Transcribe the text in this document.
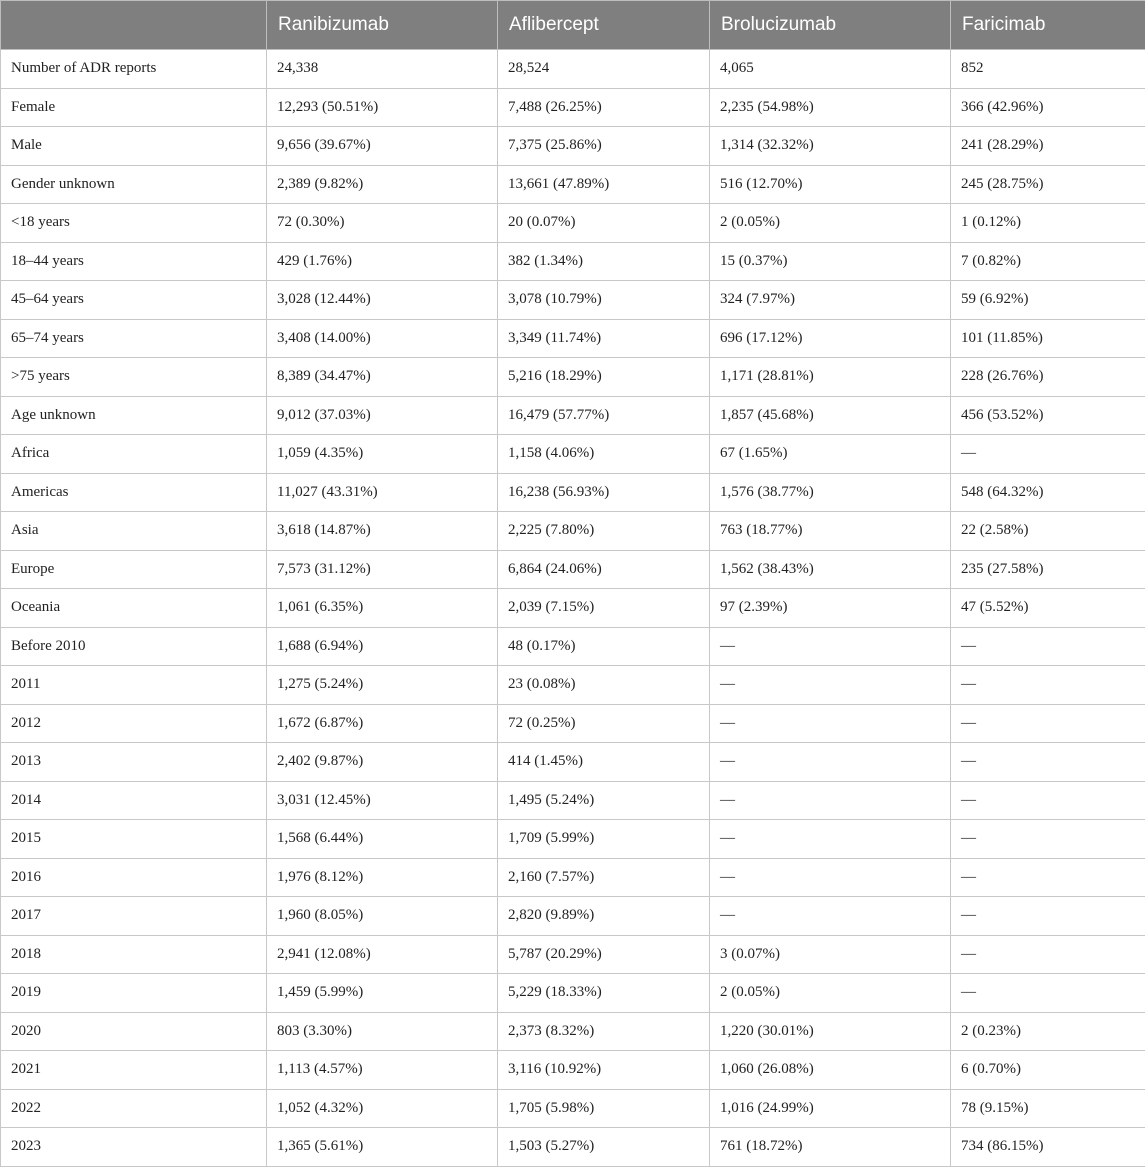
	Ranibizumab	Aflibercept	Brolucizumab	Faricimab
Number of ADR reports	24,338	28,524	4,065	852
Female	12,293 (50.51%)	7,488 (26.25%)	2,235 (54.98%)	366 (42.96%)
Male	9,656 (39.67%)	7,375 (25.86%)	1,314 (32.32%)	241 (28.29%)
Gender unknown	2,389 (9.82%)	13,661 (47.89%)	516 (12.70%)	245 (28.75%)
<18 years	72 (0.30%)	20 (0.07%)	2 (0.05%)	1 (0.12%)
18–44 years	429 (1.76%)	382 (1.34%)	15 (0.37%)	7 (0.82%)
45–64 years	3,028 (12.44%)	3,078 (10.79%)	324 (7.97%)	59 (6.92%)
65–74 years	3,408 (14.00%)	3,349 (11.74%)	696 (17.12%)	101 (11.85%)
>75 years	8,389 (34.47%)	5,216 (18.29%)	1,171 (28.81%)	228 (26.76%)
Age unknown	9,012 (37.03%)	16,479 (57.77%)	1,857 (45.68%)	456 (53.52%)
Africa	1,059 (4.35%)	1,158 (4.06%)	67 (1.65%)	—
Americas	11,027 (43.31%)	16,238 (56.93%)	1,576 (38.77%)	548 (64.32%)
Asia	3,618 (14.87%)	2,225 (7.80%)	763 (18.77%)	22 (2.58%)
Europe	7,573 (31.12%)	6,864 (24.06%)	1,562 (38.43%)	235 (27.58%)
Oceania	1,061 (6.35%)	2,039 (7.15%)	97 (2.39%)	47 (5.52%)
Before 2010	1,688 (6.94%)	48 (0.17%)	—	—
2011	1,275 (5.24%)	23 (0.08%)	—	—
2012	1,672 (6.87%)	72 (0.25%)	—	—
2013	2,402 (9.87%)	414 (1.45%)	—	—
2014	3,031 (12.45%)	1,495 (5.24%)	—	—
2015	1,568 (6.44%)	1,709 (5.99%)	—	—
2016	1,976 (8.12%)	2,160 (7.57%)	—	—
2017	1,960 (8.05%)	2,820 (9.89%)	—	—
2018	2,941 (12.08%)	5,787 (20.29%)	3 (0.07%)	—
2019	1,459 (5.99%)	5,229 (18.33%)	2 (0.05%)	—
2020	803 (3.30%)	2,373 (8.32%)	1,220 (30.01%)	2 (0.23%)
2021	1,113 (4.57%)	3,116 (10.92%)	1,060 (26.08%)	6 (0.70%)
2022	1,052 (4.32%)	1,705 (5.98%)	1,016 (24.99%)	78 (9.15%)
2023	1,365 (5.61%)	1,503 (5.27%)	761 (18.72%)	734 (86.15%)
